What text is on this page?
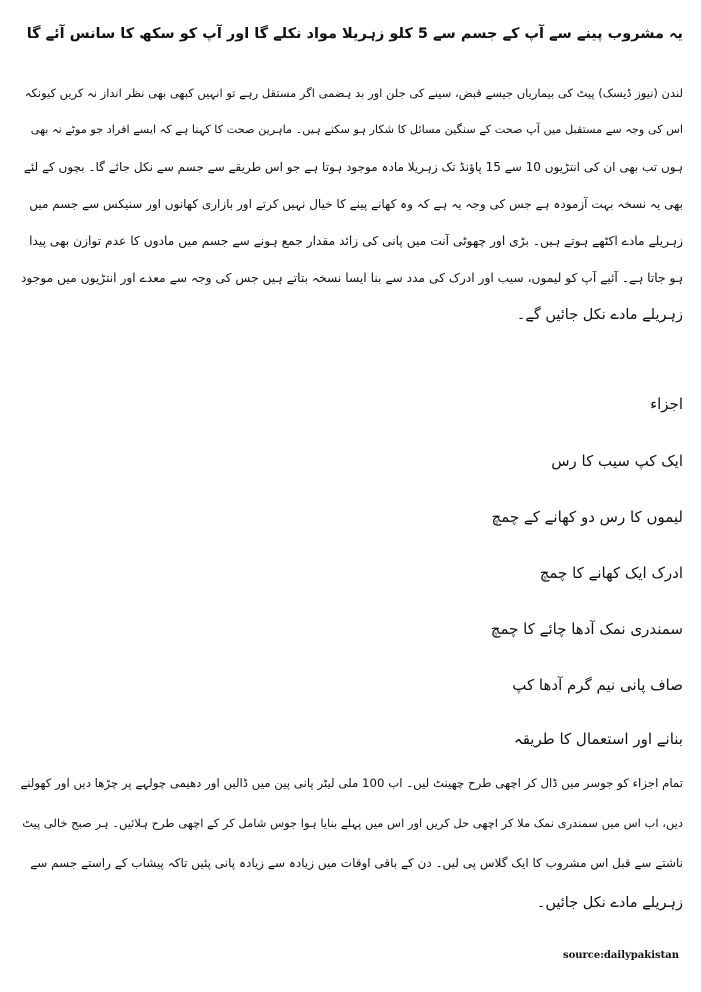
یہ مشروب پینے سے آپ کے جسم سے 5 کلو زہریلا مواد نکلے گا اور آپ کو سکھ کا سانس آئے گا
لندن (نیوز ڈیسک) پیٹ کی بیماریاں جیسے قبض، سینے کی جلن اور بد ہضمی اگر مستقل رہے تو انہیں کبھی بھی نظر انداز نہ کریں کیونکہ
اس کی وجہ سے مستقبل میں آپ صحت کے سنگین مسائل کا شکار ہو سکتے ہیں۔ ماہرین صحت کا کہنا ہے کہ ایسے افراد جو موٹے نہ بھی
ہوں تب بھی ان کی انتڑیوں 10 سے 15 پاؤنڈ تک زہریلا مادہ موجود ہوتا ہے جو اس طریقے سے جسم سے نکل جائے گا۔ بچوں کے لئے
بھی یہ نسخہ بہت آزمودہ ہے جس کی وجہ یہ ہے کہ وہ کھانے پینے کا خیال نہیں کرتے اور بازاری کھانوں اور سنیکس سے جسم میں
زہریلے مادے اکٹھے ہوتے ہیں۔ بڑی اور چھوٹی آنت میں پانی کی زائد مقدار جمع ہونے سے جسم میں مادوں کا عدم توازن بھی پیدا
ہو جاتا ہے۔ آئیے آپ کو لیموں، سیب اور ادرک کی مدد سے بنا ایسا نسخہ بتاتے ہیں جس کی وجہ سے معدے اور انتڑیوں میں موجود
زہریلے مادے نکل جائیں گے۔
اجزاء
ایک کپ سیب کا رس
لیموں کا رس دو کھانے کے چمچ
ادرک ایک کھانے کا چمچ
سمندری نمک آدھا چائے کا چمچ
صاف پانی نیم گرم آدھا کپ
بنانے اور استعمال کا طریقہ
تمام اجزاء کو جوسر میں ڈال کر اچھی طرح چھینٹ لیں۔ اب 100 ملی لیٹر پانی پین میں ڈالیں اور دھیمی چولہے پر چڑھا دیں اور کھولنے
دیں، اب اس میں سمندری نمک ملا کر اچھی حل کریں اور اس میں پہلے بنایا ہوا جوس شامل کر کے اچھی طرح ہلائیں۔ ہر صبح خالی پیٹ
ناشتے سے قبل اس مشروب کا ایک گلاس پی لیں۔ دن کے باقی اوقات میں زیادہ سے زیادہ پانی پئیں تاکہ پیشاب کے راستے جسم سے
زہریلے مادے نکل جائیں۔
source:dailypakistan
